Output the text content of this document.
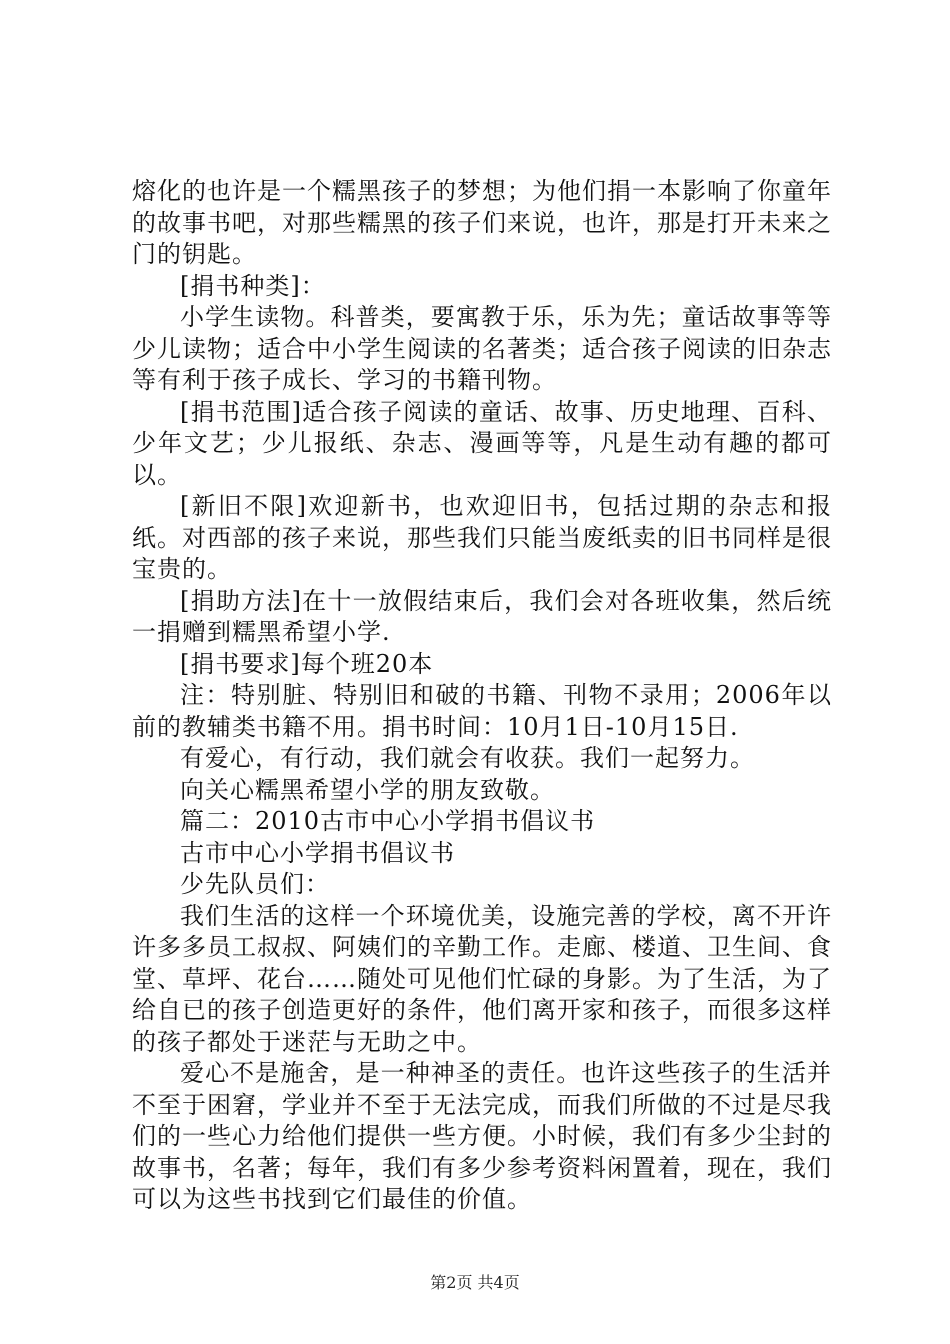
熔化的也许是一个糯黑孩子的梦想；为他们捐一本影响了你童年的故事书吧，对那些糯黑的孩子们来说，也许，那是打开未来之门的钥匙。

[捐书种类]：

小学生读物。科普类，要寓教于乐，乐为先；童话故事等等少儿读物；适合中小学生阅读的名著类；适合孩子阅读的旧杂志等有利于孩子成长、学习的书籍刊物。

[捐书范围]适合孩子阅读的童话、故事、历史地理、百科、少年文艺；少儿报纸、杂志、漫画等等，凡是生动有趣的都可以。

[新旧不限]欢迎新书，也欢迎旧书，包括过期的杂志和报纸。对西部的孩子来说，那些我们只能当废纸卖的旧书同样是很宝贵的。

[捐助方法]在十一放假结束后，我们会对各班收集，然后统一捐赠到糯黑希望小学.

[捐书要求]每个班20本

注：特别脏、特别旧和破的书籍、刊物不录用；2006年以前的教辅类书籍不用。捐书时间：10月1日-10月15日.

有爱心，有行动，我们就会有收获。我们一起努力。

向关心糯黑希望小学的朋友致敬。

篇二：2010古市中心小学捐书倡议书

古市中心小学捐书倡议书

少先队员们：

我们生活的这样一个环境优美，设施完善的学校，离不开许许多多员工叔叔、阿姨们的辛勤工作。走廊、楼道、卫生间、食堂、草坪、花台……随处可见他们忙碌的身影。为了生活，为了给自已的孩子创造更好的条件，他们离开家和孩子，而很多这样的孩子都处于迷茫与无助之中。

爱心不是施舍，是一种神圣的责任。也许这些孩子的生活并不至于困窘，学业并不至于无法完成，而我们所做的不过是尽我们的一些心力给他们提供一些方便。小时候，我们有多少尘封的故事书，名著；每年，我们有多少参考资料闲置着，现在，我们可以为这些书找到它们最佳的价值。

第2页 共4页
